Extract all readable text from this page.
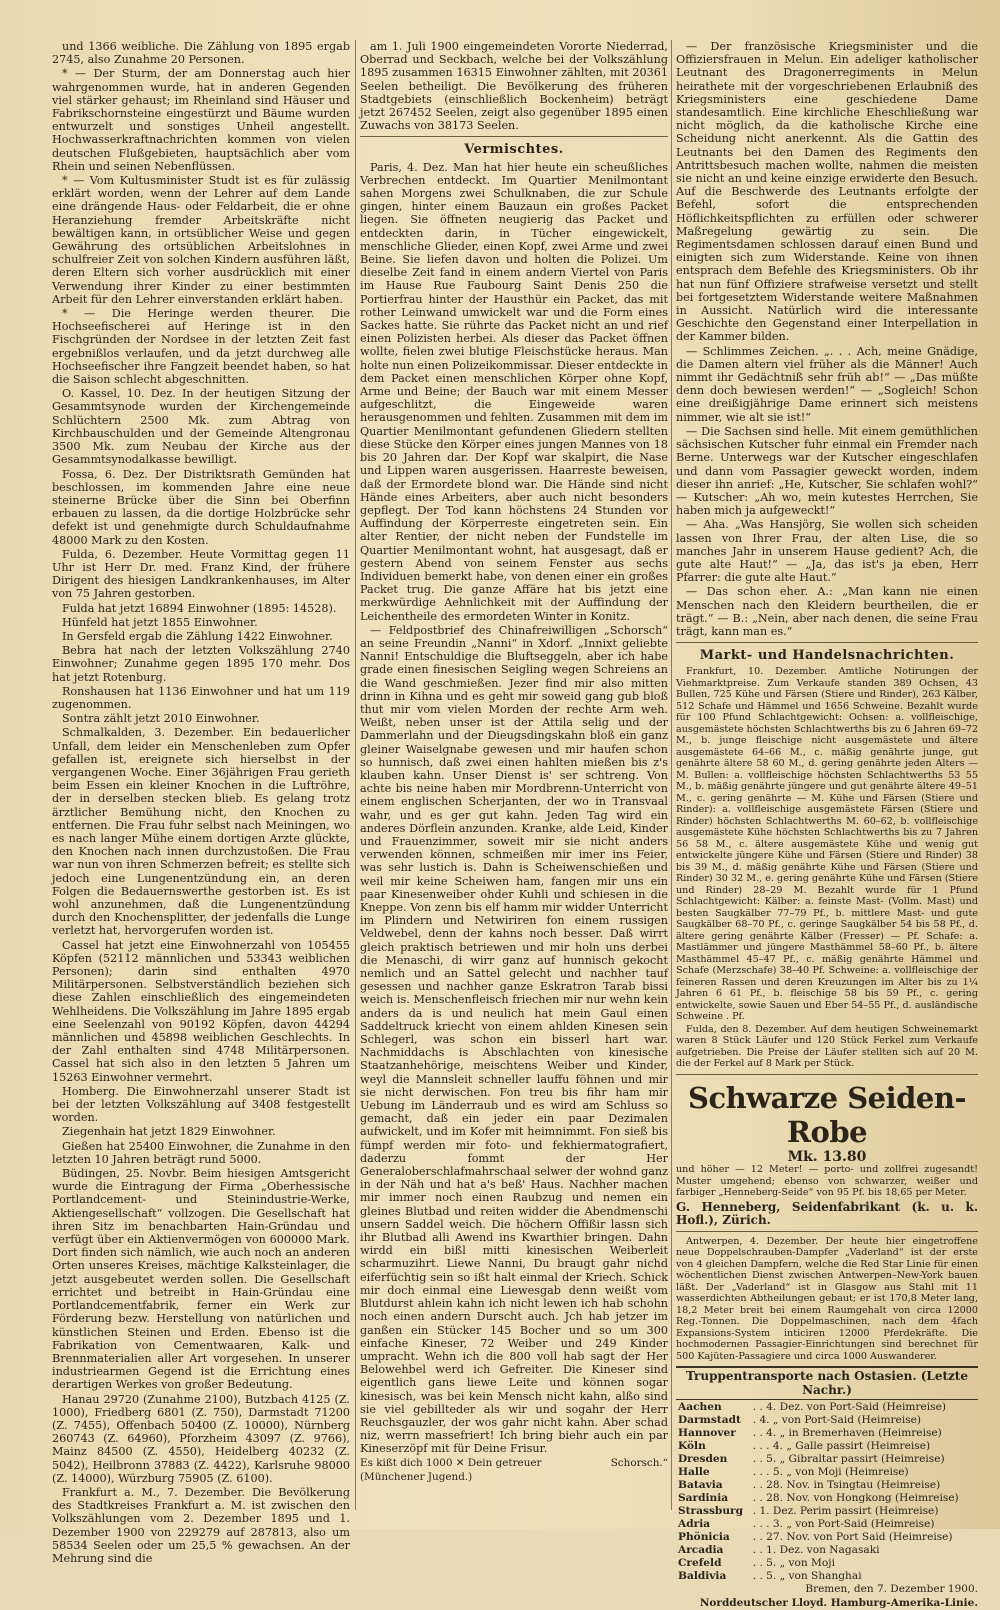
und 1366 weibliche. Die Zählung von 1895 ergab 2745, also Zunahme 20 Personen.

* — Der Sturm, der am Donnerstag auch hier wahrgenommen wurde, hat in anderen Gegenden viel stärker gehaust; im Rheinland sind Häuser und Fabrikschornsteine eingestürzt und Bäume wurden entwurzelt und sonstiges Unheil angestellt. Hochwasserkraftnachrichten kommen von vielen deutschen Flußgebieten, hauptsächlich aber vom Rhein und seinen Nebenflüssen.

* — Vom Kultusminister Studt ist es für zulässig erklärt worden, wenn der Lehrer auf dem Lande eine drängende Haus- oder Feldarbeit, die er ohne Heranziehung fremder Arbeitskräfte nicht bewältigen kann, in ortsüblicher Weise und gegen Gewährung des ortsüblichen Arbeitslohnes in schulfreier Zeit von solchen Kindern ausführen läßt, deren Eltern sich vorher ausdrücklich mit einer Verwendung ihrer Kinder zu einer bestimmten Arbeit für den Lehrer einverstanden erklärt haben.

* — Die Heringe werden theurer. Die Hochseefischerei auf Heringe ist in den Fischgründen der Nordsee in der letzten Zeit fast ergebnißlos verlaufen, und da jetzt durchweg alle Hochseefischer ihre Fangzeit beendet haben, so hat die Saison schlecht abgeschnitten.

O. Kassel, 10. Dez. In der heutigen Sitzung der Gesammtsynode wurden der Kirchengemeinde Schlüchtern 2500 Mk. zum Abtrag von Kirchbauschulden und der Gemeinde Altengronau 3500 Mk. zum Neubau der Kirche aus der Gesammtsynodalkasse bewilligt.

Fossa, 6. Dez. Der Distriktsrath Gemünden hat beschlossen, im kommenden Jahre eine neue steinerne Brücke über die Sinn bei Oberfinn erbauen zu lassen, da die dortige Holzbrücke sehr defekt ist und genehmigte durch Schuldaufnahme 48000 Mark zu den Kosten.

Fulda, 6. Dezember. Heute Vormittag gegen 11 Uhr ist Herr Dr. med. Franz Kind, der frühere Dirigent des hiesigen Landkrankenhauses, im Alter von 75 Jahren gestorben.

Fulda hat jetzt 16894 Einwohner (1895: 14528).

Hünfeld hat jetzt 1855 Einwohner.

In Gersfeld ergab die Zählung 1422 Einwohner.

Bebra hat nach der letzten Volkszählung 2740 Einwohner; Zunahme gegen 1895 170 mehr. Dos hat jetzt Rotenburg.

Ronshausen hat 1136 Einwohner und hat um 119 zugenommen.

Sontra zählt jetzt 2010 Einwohner.

Schmalkalden, 3. Dezember. Ein bedauerlicher Unfall, dem leider ein Menschenleben zum Opfer gefallen ist, ereignete sich hierselbst in der vergangenen Woche. Einer 36jährigen Frau gerieth beim Essen ein kleiner Knochen in die Luftröhre, der in derselben stecken blieb. Es gelang trotz ärztlicher Bemühung nicht, den Knochen zu entfernen. Die Frau fuhr selbst nach Meiningen, wo es nach langer Mühe einem dortigen Arzte glückte, den Knochen nach innen durchzustoßen. Die Frau war nun von ihren Schmerzen befreit; es stellte sich jedoch eine Lungenentzündung ein, an deren Folgen die Bedauernswerthe gestorben ist. Es ist wohl anzunehmen, daß die Lungenentzündung durch den Knochensplitter, der jedenfalls die Lunge verletzt hat, hervorgerufen worden ist.

Cassel hat jetzt eine Einwohnerzahl von 105455 Köpfen (52112 männlichen und 53343 weiblichen Personen); darin sind enthalten 4970 Militärpersonen. Selbstverständlich beziehen sich diese Zahlen einschließlich des eingemeindeten Wehlheidens. Die Volkszählung im Jahre 1895 ergab eine Seelenzahl von 90192 Köpfen, davon 44294 männlichen und 45898 weiblichen Geschlechts. In der Zahl enthalten sind 4748 Militärpersonen. Cassel hat sich also in den letzten 5 Jahren um 15263 Einwohner vermehrt.

Homberg. Die Einwohnerzahl unserer Stadt ist bei der letzten Volkszählung auf 3408 festgestellt worden.

Ziegenhain hat jetzt 1829 Einwohner.

Gießen hat 25400 Einwohner, die Zunahme in den letzten 10 Jahren beträgt rund 5000.

Büdingen, 25. Novbr. Beim hiesigen Amtsgericht wurde die Eintragung der Firma „Oberhessische Portlandcement- und Steinindustrie-Werke, Aktiengesellschaft“ vollzogen. Die Gesellschaft hat ihren Sitz im benachbarten Hain-Gründau und verfügt über ein Aktienvermögen von 600000 Mark. Dort finden sich nämlich, wie auch noch an anderen Orten unseres Kreises, mächtige Kalksteinlager, die jetzt ausgebeutet werden sollen. Die Gesellschaft errichtet und betreibt in Hain-Gründau eine Portlandcementfabrik, ferner ein Werk zur Förderung bezw. Herstellung von natürlichen und künstlichen Steinen und Erden. Ebenso ist die Fabrikation von Cementwaaren, Kalk- und Brennmaterialien aller Art vorgesehen. In unserer industriearmen Gegend ist die Errichtung eines derartigen Werkes von großer Bedeutung.

Hanau 29720 (Zunahme 2100), Butzbach 4125 (Z. 1000), Friedberg 6801 (Z. 750), Darmstadt 71200 (Z. 7455), Offenbach 50400 (Z. 10000), Nürnberg 260743 (Z. 64960), Pforzheim 43097 (Z. 9766), Mainz 84500 (Z. 4550), Heidelberg 40232 (Z. 5042), Heilbronn 37883 (Z. 4422), Karlsruhe 98000 (Z. 14000), Würzburg 75905 (Z. 6100).

Frankfurt a. M., 7. Dezember. Die Bevölkerung des Stadtkreises Frankfurt a. M. ist zwischen den Volkszählungen vom 2. Dezember 1895 und 1. Dezember 1900 von 229279 auf 287813, also um 58534 Seelen oder um 25,5 % gewachsen. An der Mehrung sind die

am 1. Juli 1900 eingemeindeten Vororte Niederrad, Oberrad und Seckbach, welche bei der Volkszählung 1895 zusammen 16315 Einwohner zählten, mit 20361 Seelen betheiligt. Die Bevölkerung des früheren Stadtgebiets (einschließlich Bockenheim) beträgt jetzt 267452 Seelen, zeigt also gegenüber 1895 einen Zuwachs von 38173 Seelen.

Vermischtes.

Paris, 4. Dez. Man hat hier heute ein scheußliches Verbrechen entdeckt. Im Quartier Menilmontant sahen Morgens zwei Schulknaben, die zur Schule gingen, hinter einem Bauzaun ein großes Packet liegen. Sie öffneten neugierig das Packet und entdeckten darin, in Tücher eingewickelt, menschliche Glieder, einen Kopf, zwei Arme und zwei Beine. Sie liefen davon und holten die Polizei. Um dieselbe Zeit fand in einem andern Viertel von Paris im Hause Rue Faubourg Saint Denis 250 die Portierfrau hinter der Hausthür ein Packet, das mit rother Leinwand umwickelt war und die Form eines Sackes hatte. Sie rührte das Packet nicht an und rief einen Polizisten herbei. Als dieser das Packet öffnen wollte, fielen zwei blutige Fleischstücke heraus. Man holte nun einen Polizeikommissar. Dieser entdeckte in dem Packet einen menschlichen Körper ohne Kopf, Arme und Beine; der Bauch war mit einem Messer aufgeschlitzt, die Eingeweide waren herausgenommen und fehlten. Zusammen mit dem im Quartier Menilmontant gefundenen Gliedern stellten diese Stücke den Körper eines jungen Mannes von 18 bis 20 Jahren dar. Der Kopf war skalpirt, die Nase und Lippen waren ausgerissen. Haarreste beweisen, daß der Ermordete blond war. Die Hände sind nicht Hände eines Arbeiters, aber auch nicht besonders gepflegt. Der Tod kann höchstens 24 Stunden vor Auffindung der Körperreste eingetreten sein. Ein alter Rentier, der nicht neben der Fundstelle im Quartier Menilmontant wohnt, hat ausgesagt, daß er gestern Abend von seinem Fenster aus sechs Individuen bemerkt habe, von denen einer ein großes Packet trug. Die ganze Affäre hat bis jetzt eine merkwürdige Aehnlichkeit mit der Auffindung der Leichentheile des ermordeten Winter in Konitz.

— Feldpostbrief des Chinafreiwilligen „Schorsch“ an seine Freundin „Nanni“ in Xdorf. „Innixt geliebte Nanni! Entschuldige die Bluftseggeln, aber ich habe grade einen finesischen Seigling wegen Schreiens an die Wand geschmießen. Jezer find mir also mitten drinn in Kihna und es geht mir soweid gang gub bloß thut mir vom vielen Morden der rechte Arm weh. Weißt, neben unser ist der Attila selig und der Dammerlahn und der Dieugsdingskahn bloß ein ganz gleiner Waiselgnabe gewesen und mir haufen schon so hunnisch, daß zwei einen hahlten mießen bis z's klauben kahn. Unser Dienst is' ser schtreng. Von achte bis neine haben mir Mordbrenn-Unterricht von einem englischen Scherjanten, der wo in Transvaal wahr, und es ger gut kahn. Jeden Tag wird ein anderes Dörflein anzunden. Kranke, alde Leid, Kinder und Frauenzimmer, soweit mir sie nicht anders verwenden können, schmeißen mir imer ins Feier, was sehr lustich is. Dahn is Scheiwenschießen und weil mir keine Scheiwen ham, fangen mir uns ein paar Kinesenweiber ohder Kuhli und schiesen in die Kneppe. Von zenn bis elf hamm mir widder Unterricht im Plindern und Netwiriren fon einem russigen Veldwebel, denn der kahns noch besser. Daß wirrt gleich praktisch betriewen und mir holn uns derbei die Menaschi, di wirr ganz auf hunnisch gekocht nemlich und an Sattel gelecht und nachher tauf gesessen und nachher ganze Eskratron Tarab bissi weich is. Menschenfleisch friechen mir nur wehn kein anders da is und neulich hat mein Gaul einen Saddeltruck kriecht von einem ahlden Kinesen sein Schlegerl, was schon ein bisserl hart war. Nachmiddachs is Abschlachten von kinesische Staatzanhehörige, meischtens Weiber und Kinder, weyl die Mannsleit schneller lauffu föhnen und mir sie nicht derwischen. Fon treu bis fihr ham mir Uebung im Länderraub und es wird am Schluss so gemacht, daß ein jeder ein paar Dezimalen aufwickelt, und im Kofer mit heimnimmt. Fon sieß bis fümpf werden mir foto- und fekhiermatografiert, daderzu fommt der Her Generaloberschlafmahrschaal selwer der wohnd ganz in der Näh und hat a's beß' Haus. Nachher machen mir immer noch einen Raubzug und nemen ein gleines Blutbad und reiten widder die Abendmenschi unsern Saddel weich. Die höchern Offißir lassn sich ihr Blutbad alli Awend ins Kwarthier bringen. Dahn wirdd ein bißl mitti kinesischen Weiberleit scharmuzihrt. Liewe Nanni, Du braugt gahr nichd eiferfüchtig sein so ißt halt einmal der Kriech. Schick mir doch einmal eine Liewesgab denn weißt vom Blutdurst ahlein kahn ich nicht lewen ich hab schohn noch einen andern Durscht auch. Jch hab jetzer im ganßen ein Stücker 145 Bocher und so um 300 einfache Kineser, 72 Weiber und 249 Kinder umpracht. Wehn ich die 800 voll hab sagt der Her Belowehbel werd ich Gefreiter. Die Kineser sind eigentlich gans liewe Leite und können sogar kinesisch, was bei kein Mensch nicht kahn, alßo sind sie viel gebillteder als wir und sogahr der Herr Reuchsgauzler, der wos gahr nicht kahn. Aber schad niz, werrn massefriert! Ich bring biehr auch ein par Kineserzöpf mit für Deine Frisur.

Es kißt dich 1000 ✕ Dein getreuer	Schorsch.“

(Münchener Jugend.)

— Der französische Kriegsminister und die Offiziersfrauen in Melun. Ein adeliger katholischer Leutnant des Dragonerregiments in Melun heirathete mit der vorgeschriebenen Erlaubniß des Kriegsministers eine geschiedene Dame standesamtlich. Eine kirchliche Eheschließung war nicht möglich, da die katholische Kirche eine Scheidung nicht anerkennt. Als die Gattin des Leutnants bei den Damen des Regiments den Antrittsbesuch machen wollte, nahmen die meisten sie nicht an und keine einzige erwiderte den Besuch. Auf die Beschwerde des Leutnants erfolgte der Befehl, sofort die entsprechenden Höflichkeitspflichten zu erfüllen oder schwerer Maßregelung gewärtig zu sein. Die Regimentsdamen schlossen darauf einen Bund und einigten sich zum Widerstande. Keine von ihnen entsprach dem Befehle des Kriegsministers. Ob ihr hat nun fünf Offiziere strafweise versetzt und stellt bei fortgesetztem Widerstande weitere Maßnahmen in Aussicht. Natürlich wird die interessante Geschichte den Gegenstand einer Interpellation in der Kammer bilden.

— Schlimmes Zeichen. „. . . Ach, meine Gnädige, die Damen altern viel früher als die Männer! Auch nimmt ihr Gedächtniß sehr früh ab!“ — „Das müßte denn doch bewiesen werden!“ — „Sogleich! Schon eine dreißigjährige Dame erinnert sich meistens nimmer, wie alt sie ist!“

— Die Sachsen sind helle. Mit einem gemüthlichen sächsischen Kutscher fuhr einmal ein Fremder nach Berne. Unterwegs war der Kutscher eingeschlafen und dann vom Passagier geweckt worden, indem dieser ihn anrief: „He, Kutscher, Sie schlafen wohl?“ — Kutscher: „Ah wo, mein kutestes Herrchen, Sie haben mich ja aufgeweckt!“

— Aha. „Was Hansjörg, Sie wollen sich scheiden lassen von Ihrer Frau, der alten Lise, die so manches Jahr in unserem Hause gedient? Ach, die gute alte Haut!“ — „Ja, das ist's ja eben, Herr Pfarrer: die gute alte Haut.“

— Das schon eher. A.: „Man kann nie einen Menschen nach den Kleidern beurtheilen, die er trägt.“ — B.: „Nein, aber nach denen, die seine Frau trägt, kann man es.“

Markt- und Handelsnachrichten.

Frankfurt, 10. Dezember. Amtliche Notirungen der Viehmarktpreise. Zum Verkaufe standen 389 Ochsen, 43 Bullen, 725 Kühe und Färsen (Stiere und Rinder), 263 Kälber, 512 Schafe und Hämmel und 1656 Schweine. Bezahlt wurde für 100 Pfund Schlachtgewicht: Ochsen: a. vollfleischige, ausgemästete höchsten Schlachtwerths bis zu 6 Jahren 69–72 M., b. junge fleischige nicht ausgemästete und ältere ausgemästete 64–66 M., c. mäßig genährte junge, gut genährte ältere 58 60 M., d. gering genährte jeden Alters — M. Bullen: a. vollfleischige höchsten Schlachtwerths 53 55 M., b. mäßig genährte jüngere und gut genährte ältere 49–51 M., c. gering genährte — M. Kühe und Färsen (Stiere und Rinder): a. vollfleischige ausgemästete Färsen (Stiere und Rinder) höchsten Schlachtwerths M. 60–62, b. vollfleischige ausgemästete Kühe höchsten Schlachtwerths bis zu 7 Jahren 56 58 M., c. ältere ausgemästete Kühe und wenig gut entwickelte jüngere Kühe und Färsen (Stiere und Rinder) 38 bis 39 M., d. mäßig genährte Kühe und Färsen (Stiere und Rinder) 30 32 M., e. gering genährte Kühe und Färsen (Stiere und Rinder) 28–29 M. Bezahlt wurde für 1 Pfund Schlachtgewicht: Kälber: a. feinste Mast- (Vollm. Mast) und besten Saugkälber 77–79 Pf., b. mittlere Mast- und gute Saugkälber 68–70 Pf., c. geringe Saugkälber 54 bis 58 Pf., d. ältere gering genährte Kälber (Fresser) — Pf. Schafe: a. Mastlämmer und jüngere Masthämmel 58–60 Pf., b. ältere Masthämmel 45–47 Pf., c. mäßig genährte Hämmel und Schafe (Merzschafe) 38–40 Pf. Schweine: a. vollfleischige der feineren Rassen und deren Kreuzungen im Alter bis zu 1¼ Jahren 6 61 Pf., b. fleischige 58 bis 59 Pf., c. gering entwickelte, sowie Sauen und Eber 54–55 Pf., d. ausländische Schweine . Pf.

Fulda, den 8. Dezember. Auf dem heutigen Schweinemarkt waren 8 Stück Läufer und 120 Stück Ferkel zum Verkaufe aufgetrieben. Die Preise der Läufer stellten sich auf 20 M. die der Ferkel auf 8 Mark per Stück.

Schwarze Seiden-Robe

Mk. 13.80

und höher — 12 Meter! — porto- und zollfrei zugesandt! Muster umgehend; ebenso von schwarzer, weißer und farbiger „Henneberg-Seide“ von 95 Pf. bis 18,65 per Meter.

G. Henneberg, Seidenfabrikant (k. u. k. Hofl.), Zürich.

Antwerpen, 4. Dezember. Der heute hier eingetroffene neue Doppelschrauben-Dampfer „Vaderland“ ist der erste von 4 gleichen Dampfern, welche die Red Star Linie für einen wöchentlichen Dienst zwischen Antwerpen–New-York bauen läßt. Der „Vaderland“ ist in Glasgow aus Stahl mit 11 wasserdichten Abtheilungen gebaut; er ist 170,8 Meter lang, 18,2 Meter breit bei einem Raumgehalt von circa 12000 Reg.-Tonnen. Die Doppelmaschinen, nach dem 4fach Expansions-System inticiren 12000 Pferdekräfte. Die hochmodernen Passagier-Einrichtungen sind berechnet für 500 Kajüten-Passagiere und circa 1000 Auswanderer.

Truppentransporte nach Ostasien. (Letzte Nachr.)

Aachen	. . 4. Dez. von Port-Said (Heimreise)
Darmstadt	. 4. „ von Port-Said (Heimreise)
Hannover	. . 4. „ in Bremerhaven (Heimreise)
Köln	. . . 4. „ Galle passirt (Heimreise)
Dresden	. . 5. „ Gibraltar passirt (Heimreise)
Halle	. . . 5. „ von Moji (Heimreise)
Batavia	. . 28. Nov. in Tsingtau (Heimreise)
Sardinia	. . 28. Nov. von Hongkong (Heimreise)
Strassburg	. 1. Dez. Perim passirt (Heimreise)
Adria	. . . 3. „ von Port-Said (Heimreise)
Phönicia	. . 27. Nov. von Port Said (Heimreise)
Arcadia	. . 1. Dez. von Nagasaki
Crefeld	. . 5. „ von Moji
Baldivia	. . 5. „ von Shanghai

Bremen, den 7. Dezember 1900.

Norddeutscher Lloyd. Hamburg-Amerika-Linie.
